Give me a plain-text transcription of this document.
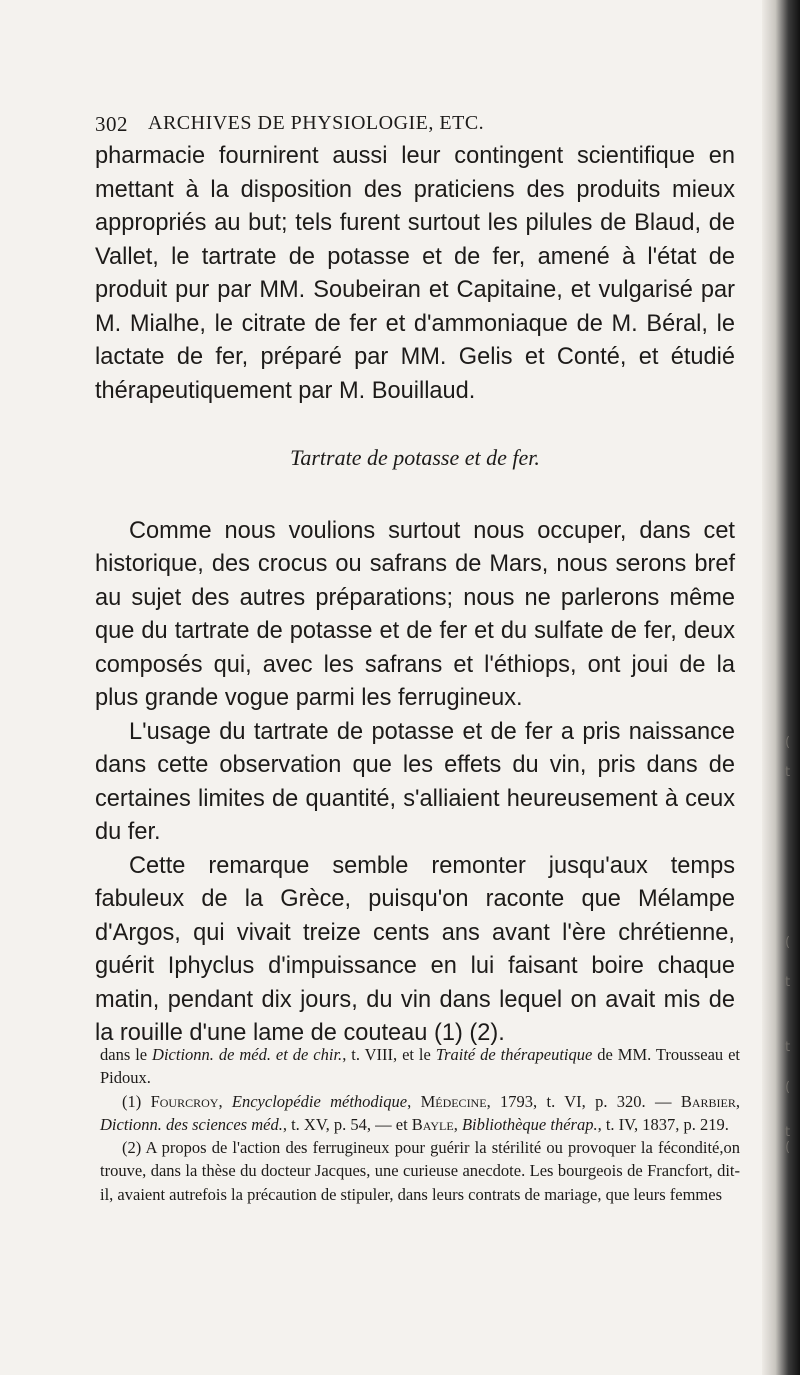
302 ARCHIVES DE PHYSIOLOGIE, ETC.

pharmacie fournirent aussi leur contingent scientifique en mettant à la disposition des praticiens des produits mieux appropriés au but; tels furent surtout les pilules de Blaud, de Vallet, le tartrate de potasse et de fer, amené à l'état de produit pur par MM. Soubeiran et Capitaine, et vulgarisé par M. Mialhe, le citrate de fer et d'ammoniaque de M. Béral, le lactate de fer, préparé par MM. Gelis et Conté, et étudié thérapeutiquement par M. Bouillaud.

Tartrate de potasse et de fer.

Comme nous voulions surtout nous occuper, dans cet historique, des crocus ou safrans de Mars, nous serons bref au sujet des autres préparations; nous ne parlerons même que du tartrate de potasse et de fer et du sulfate de fer, deux composés qui, avec les safrans et l'éthiops, ont joui de la plus grande vogue parmi les ferrugineux.

L'usage du tartrate de potasse et de fer a pris naissance dans cette observation que les effets du vin, pris dans de certaines limites de quantité, s'alliaient heureusement à ceux du fer.

Cette remarque semble remonter jusqu'aux temps fabuleux de la Grèce, puisqu'on raconte que Mélampe d'Argos, qui vivait treize cents ans avant l'ère chrétienne, guérit Iphyclus d'impuissance en lui faisant boire chaque matin, pendant dix jours, du vin dans lequel on avait mis de la rouille d'une lame de couteau (1) (2).

dans le Dictionn. de méd. et de chir., t. VIII, et le Traité de thérapeutique de MM. Trousseau et Pidoux.

(1) Fourcroy, Encyclopédie méthodique, Médecine, 1793, t. VI, p. 320. — Barbier, Dictionn. des sciences méd., t. XV, p. 54, — et Bayle, Bibliothèque thérap., t. IV, 1837, p. 219.

(2) A propos de l'action des ferrugineux pour guérir la stérilité ou provoquer la fécondité,on trouve, dans la thèse du docteur Jacques, une curieuse anecdote. Les bourgeois de Francfort, dit-il, avaient autrefois la précaution de stipuler, dans leurs contrats de mariage, que leurs femmes

(
t
(
t
t
(
t
(
